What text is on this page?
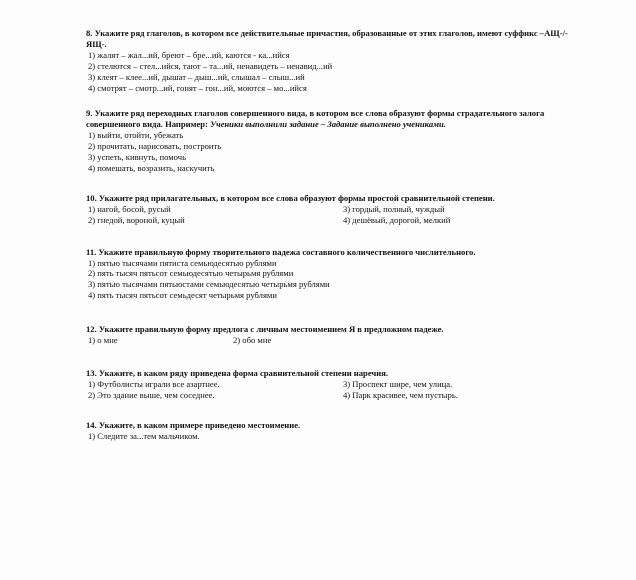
8. Укажите ряд глаголов, в котором все действительные причастия, образованные от этих глаголов, имеют суффикс –АЩ-/-ЯЩ-.
1) жалят – жал...ий, бреют – бре...ий, каются - ка...ийся
2) стелются – стел...ийся, тают – та...ий, ненавидеть – ненавид...ий
3) клеят – клее...ий, дышат – дыш...ий, слышал – слыш...ий
4) смотрят – смотр...ий, гонят – гон...ий, моются – мо...ийся
9. Укажите ряд переходных глаголов совершенного вида, в котором все слова образуют формы страдательного залога совершенного вида. Например: Ученики выполнили задание – Задание выполнено учениками.
1) выйти, отойти, убежать
2) прочитать, нарисовать, построить
3) успеть, кивнуть, помочь
4) помешать, возразить, наскучить
10. Укажите ряд прилагательных, в котором все слова образуют формы простой сравнительной степени.
1) нагой, босой, русый	3) гордый, полный, чуждый
2) гнедой, вороной, куцый	4) дешёвый, дорогой, мелкий
11. Укажите правильную форму творительного падежа составного количественного числительного.
1) пятью тысячами пятиста семьюдесятью рублями
2) пять тысяч пятьсот семьюдесятью четырьмя рублями
3) пятью тысячами пятьюстами семьюдесятью четырьмя рублями
4) пять тысяч пятьсот семьдесят четырьмя рублями
12. Укажите правильную форму предлога с личным местоимением Я в предложном падеже.
1) о мне	2) обо мне
13. Укажите, в каком ряду приведена форма сравнительной степени наречия.
1) Футболисты играли все азартнее.	3) Проспект шире, чем улица.
2) Это здание выше, чем соседнее.	4) Парк красивее, чем пустырь.
14. Укажите, в каком примере приведено местоимение.
1) Следите за...тем мальчиком.
